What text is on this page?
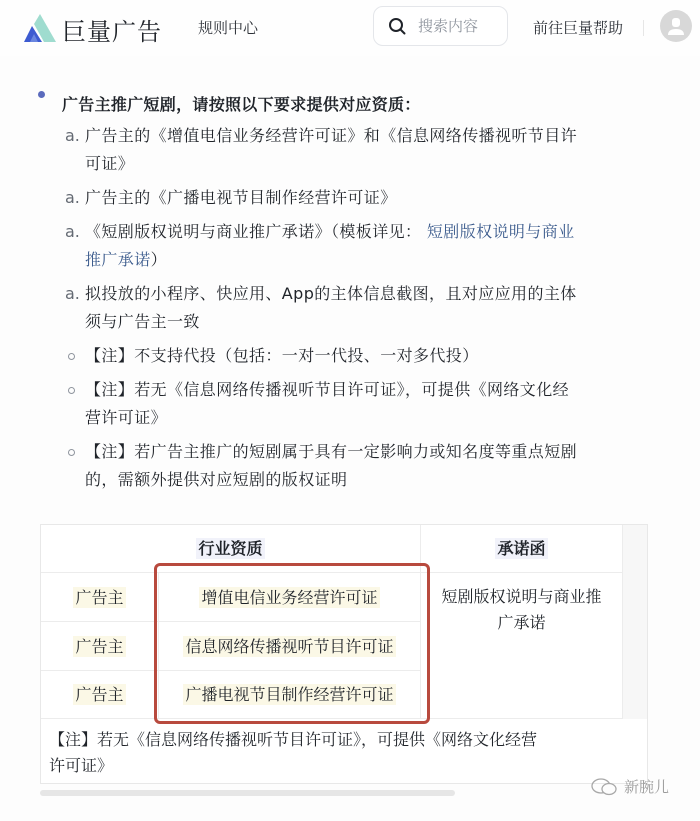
巨量广告 规则中心
搜索内容	前往巨量帮助
广告主推广短剧，请按照以下要求提供对应资质：
a. 广告主的《增值电信业务经营许可证》和《信息网络传播视听节目许
可证》
a. 广告主的《广播电视节目制作经营许可证》
a. 《短剧版权说明与商业推广承诺》（模板详见： 短剧版权说明与商业
推广承诺）
a. 拟投放的小程序、快应用、App的主体信息截图，且对应应用的主体
须与广告主一致
【注】不支持代投（包括：一对一代投、一对多代投）
【注】若无《信息网络传播视听节目许可证》，可提供《网络文化经
营许可证》
【注】若广告主推广的短剧属于具有一定影响力或知名度等重点短剧
的，需额外提供对应短剧的版权证明
行业资质	承诺函
广告主	增值电信业务经营许可证
广告主	信息网络传播视听节目许可证
广告主	广播电视节目制作经营许可证
短剧版权说明与商业推
广承诺
【注】若无《信息网络传播视听节目许可证》，可提供《网络文化经营
许可证》
新腕儿
